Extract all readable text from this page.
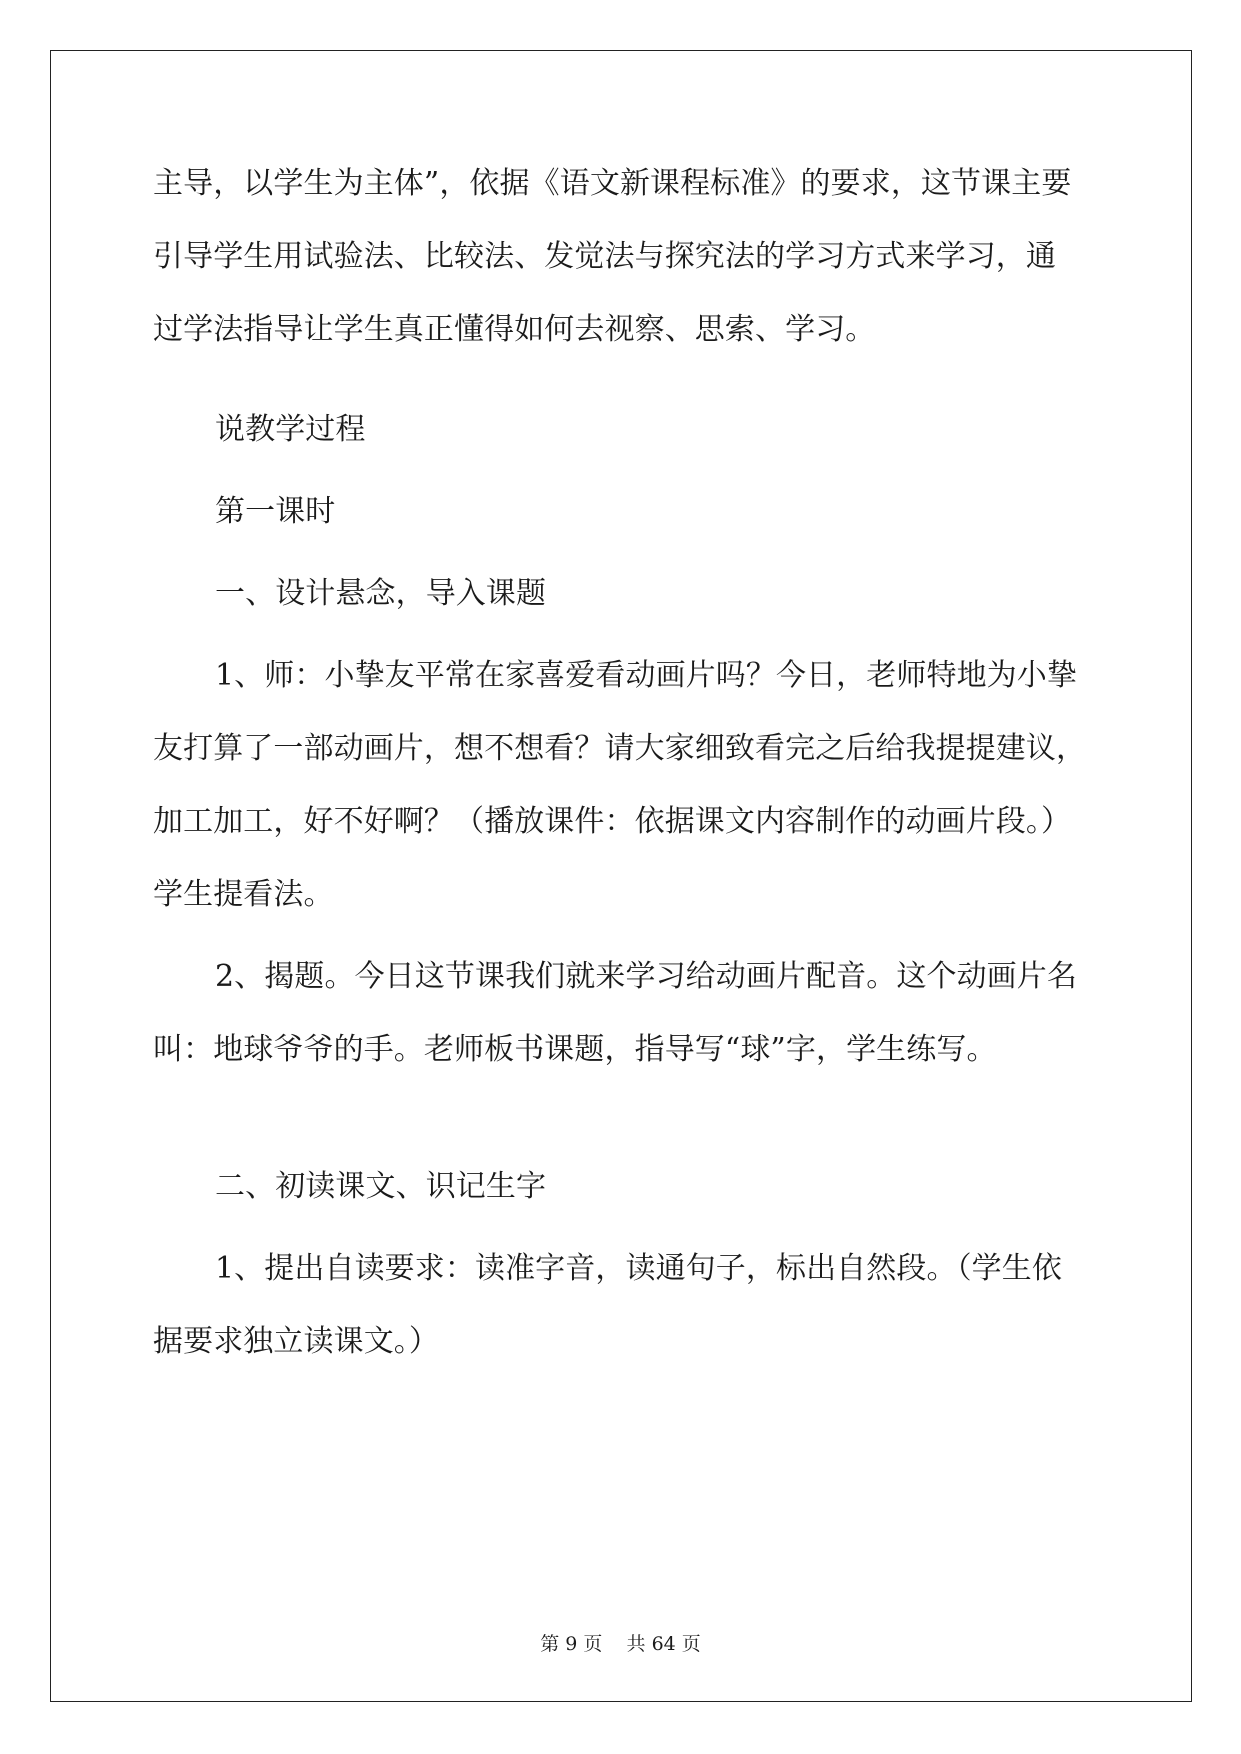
主导，以学生为主体”，依据《语文新课程标准》的要求，这节课主要
引导学生用试验法、比较法、发觉法与探究法的学习方式来学习，通
过学法指导让学生真正懂得如何去视察、思索、学习。
说教学过程
第一课时
一、设计悬念，导入课题
1、师：小挚友平常在家喜爱看动画片吗？今日，老师特地为小挚
友打算了一部动画片，想不想看？请大家细致看完之后给我提提建议，
加工加工，好不好啊？（播放课件：依据课文内容制作的动画片段。）
学生提看法。
2、揭题。今日这节课我们就来学习给动画片配音。这个动画片名
叫：地球爷爷的手。老师板书课题，指导写“球”字，学生练写。
二、初读课文、识记生字
1、提出自读要求：读准字音，读通句子，标出自然段。（学生依
据要求独立读课文。）
第 9 页 共 64 页
